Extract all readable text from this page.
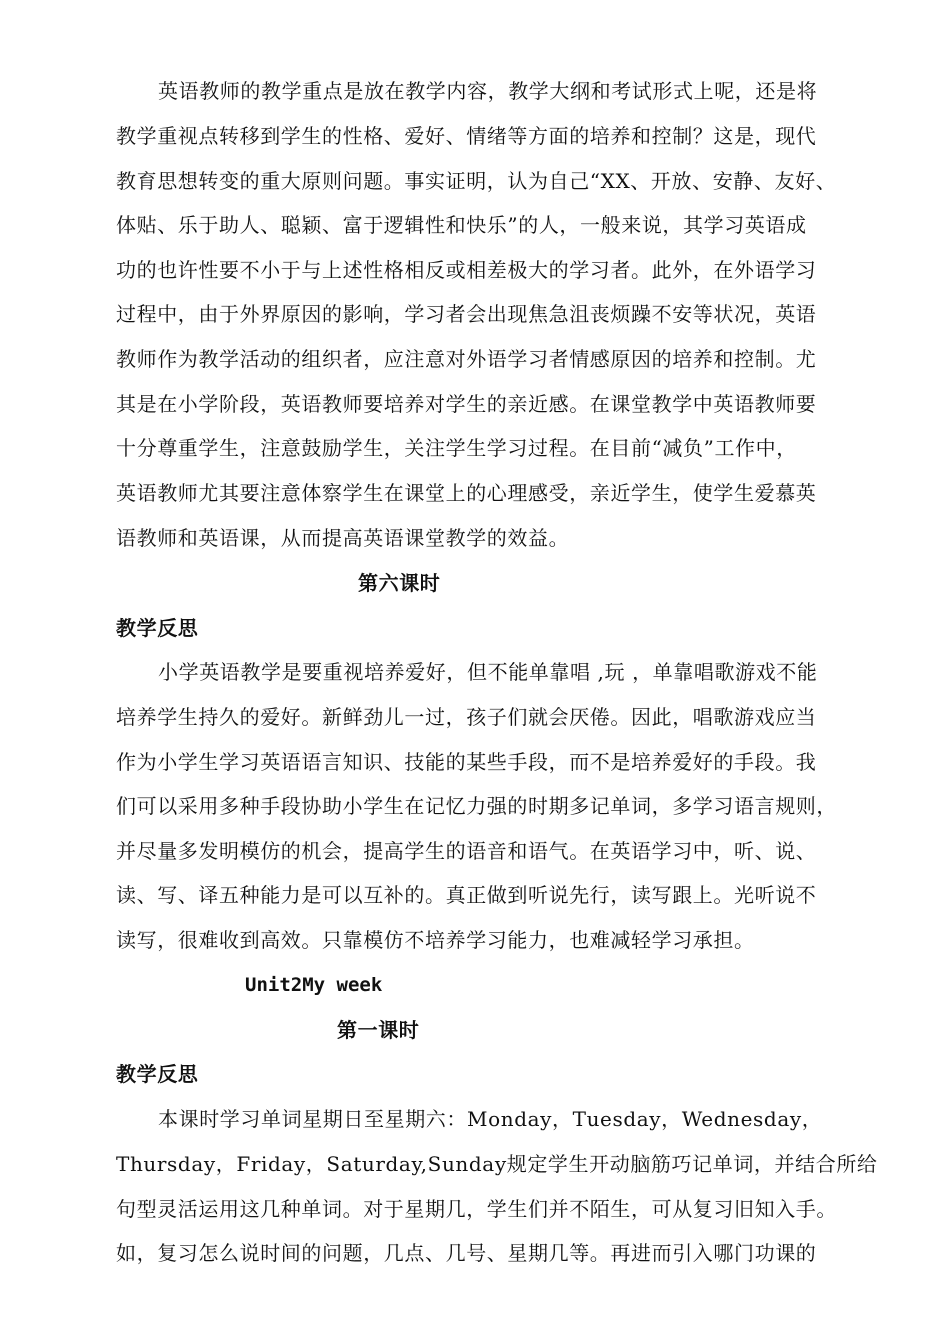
英语教师的教学重点是放在教学内容，教学大纲和考试形式上呢，还是将
教学重视点转移到学生的性格、爱好、情绪等方面的培养和控制？这是，现代
教育思想转变的重大原则问题。事实证明，认为自己“XX、开放、安静、友好、
体贴、乐于助人、聪颖、富于逻辑性和快乐”的人，一般来说，其学习英语成
功的也许性要不小于与上述性格相反或相差极大的学习者。此外，在外语学习
过程中，由于外界原因的影响，学习者会出现焦急沮丧烦躁不安等状况，英语
教师作为教学活动的组织者，应注意对外语学习者情感原因的培养和控制。尤
其是在小学阶段，英语教师要培养对学生的亲近感。在课堂教学中英语教师要
十分尊重学生，注意鼓励学生，关注学生学习过程。在目前“减负”工作中，
英语教师尤其要注意体察学生在课堂上的心理感受，亲近学生，使学生爱慕英
语教师和英语课，从而提高英语课堂教学的效益。
第六课时
教学反思
小学英语教学是要重视培养爱好，但不能单靠唱 ,玩 ，单靠唱歌游戏不能
培养学生持久的爱好。新鲜劲儿一过，孩子们就会厌倦。因此，唱歌游戏应当
作为小学生学习英语语言知识、技能的某些手段，而不是培养爱好的手段。我
们可以采用多种手段协助小学生在记忆力强的时期多记单词，多学习语言规则，
并尽量多发明模仿的机会，提高学生的语音和语气。在英语学习中，听、说、
读、写、译五种能力是可以互补的。真正做到听说先行，读写跟上。光听说不
读写，很难收到高效。只靠模仿不培养学习能力，也难减轻学习承担。
Unit2My week
第一课时
教学反思
本课时学习单词星期日至星期六：Monday，Tuesday，Wednesday，
Thursday，Friday，Saturday,Sunday规定学生开动脑筋巧记单词，并结合所给
句型灵活运用这几种单词。对于星期几，学生们并不陌生，可从复习旧知入手。
如，复习怎么说时间的问题，几点、几号、星期几等。再进而引入哪门功课的
